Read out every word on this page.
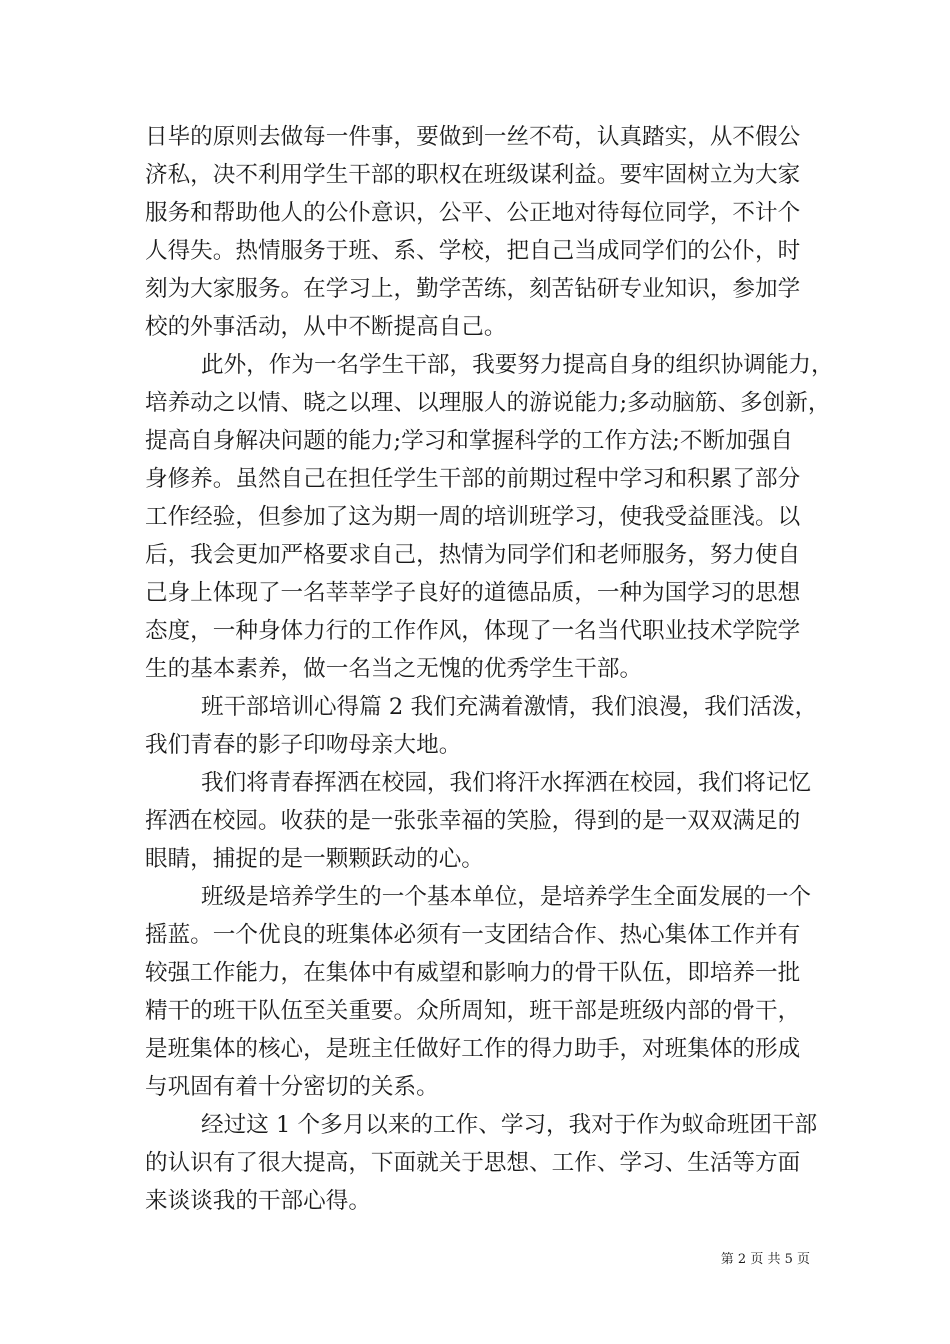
日毕的原则去做每一件事，要做到一丝不苟，认真踏实，从不假公
济私，决不利用学生干部的职权在班级谋利益。要牢固树立为大家
服务和帮助他人的公仆意识，公平、公正地对待每位同学，不计个
人得失。热情服务于班、系、学校，把自己当成同学们的公仆，时
刻为大家服务。在学习上，勤学苦练，刻苦钻研专业知识，参加学
校的外事活动，从中不断提高自己。
此外，作为一名学生干部，我要努力提高自身的组织协调能力，
培养动之以情、晓之以理、以理服人的游说能力;多动脑筋、多创新，
提高自身解决问题的能力;学习和掌握科学的工作方法;不断加强自
身修养。虽然自己在担任学生干部的前期过程中学习和积累了部分
工作经验，但参加了这为期一周的培训班学习，使我受益匪浅。以
后，我会更加严格要求自己，热情为同学们和老师服务，努力使自
己身上体现了一名莘莘学子良好的道德品质，一种为国学习的思想
态度，一种身体力行的工作作风，体现了一名当代职业技术学院学
生的基本素养，做一名当之无愧的优秀学生干部。
班干部培训心得篇 2 我们充满着激情，我们浪漫，我们活泼，
我们青春的影子印吻母亲大地。
我们将青春挥洒在校园，我们将汗水挥洒在校园，我们将记忆
挥洒在校园。收获的是一张张幸福的笑脸，得到的是一双双满足的
眼睛，捕捉的是一颗颗跃动的心。
班级是培养学生的一个基本单位，是培养学生全面发展的一个
摇蓝。一个优良的班集体必须有一支团结合作、热心集体工作并有
较强工作能力，在集体中有威望和影响力的骨干队伍，即培养一批
精干的班干队伍至关重要。众所周知，班干部是班级内部的骨干，
是班集体的核心，是班主任做好工作的得力助手，对班集体的形成
与巩固有着十分密切的关系。
经过这 1 个多月以来的工作、学习，我对于作为蚁命班团干部
的认识有了很大提高，下面就关于思想、工作、学习、生活等方面
来谈谈我的干部心得。
第 2 页 共 5 页
